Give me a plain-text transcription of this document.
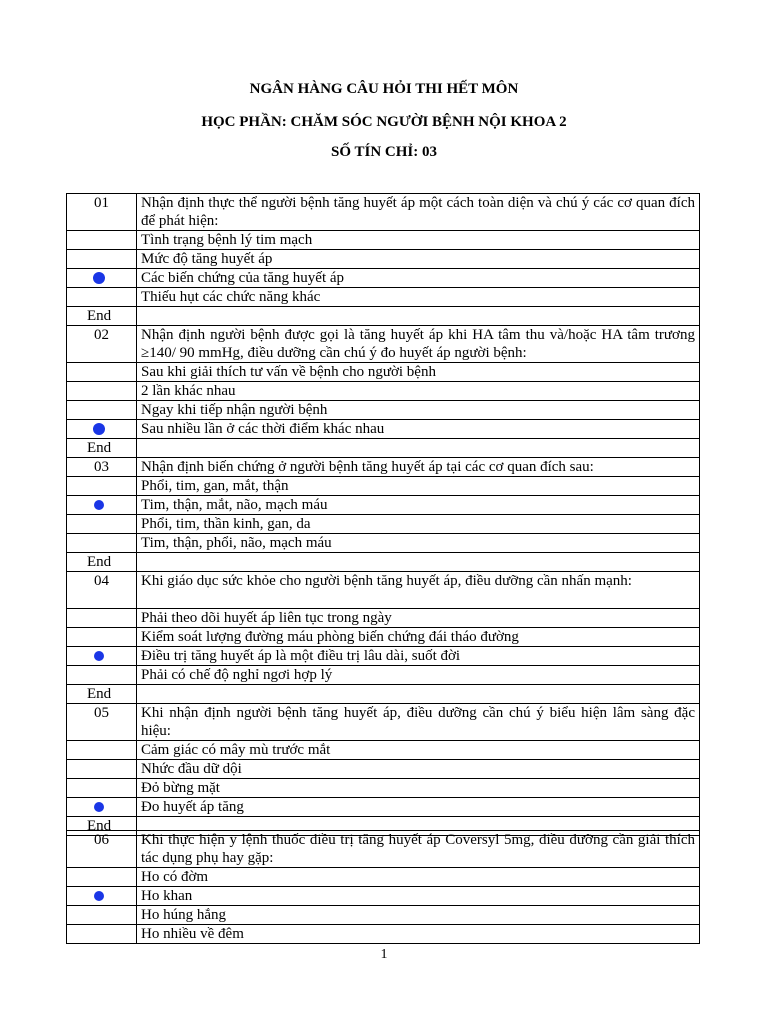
NGÂN HÀNG CÂU HỎI THI HẾT MÔN
HỌC PHẦN: CHĂM SÓC NGƯỜI BỆNH NỘI KHOA 2
SỐ TÍN CHỈ: 03
01	Nhận định thực thể người bệnh tăng huyết áp một cách toàn diện và chú ý các cơ quan đích để phát hiện:
	Tình trạng bệnh lý tim mạch
	Mức độ tăng huyết áp

	Các biến chứng của tăng huyết áp
	Thiếu hụt các chức năng khác
End	
02	Nhận định người bệnh được gọi là tăng huyết áp khi HA tâm thu và/hoặc HA tâm trương ≥140/ 90 mmHg, điều dưỡng cần chú ý đo huyết áp người bệnh:
	Sau khi giải thích tư vấn về bệnh cho người bệnh
	2 lần khác nhau
	Ngay khi tiếp nhận người bệnh

	Sau nhiều lần ở các thời điểm khác nhau
End	
03	Nhận định biến chứng ở người bệnh tăng huyết áp tại các cơ quan đích sau:
	Phổi, tim, gan, mắt, thận

	Tim, thận, mắt, não, mạch máu
	Phổi, tim, thần kinh, gan, da
	Tim, thận, phổi, não, mạch máu
End	
04	Khi giáo dục sức khỏe cho người bệnh tăng huyết áp, điều dưỡng cần nhấn mạnh:
	Phải theo dõi huyết áp liên tục trong ngày
	Kiểm soát lượng đường máu phòng biến chứng đái tháo đường

	Điều trị tăng huyết áp là một điều trị lâu dài, suốt đời
	Phải có chế độ nghỉ ngơi hợp lý
End	
05	Khi nhận định người bệnh tăng huyết áp, điều dưỡng cần chú ý biểu hiện lâm sàng đặc hiệu:
	Cảm giác có mây mù trước mắt
	Nhức đầu dữ dội
	Đỏ bừng mặt

	Đo huyết áp tăng
End	
06	Khi thực hiện y lệnh thuốc điều trị tăng huyết áp Coversyl 5mg, điều dưỡng cần giải thích tác dụng phụ hay gặp:
	Ho có đờm

	Ho khan
	Ho húng hắng
	Ho nhiều về đêm
1
